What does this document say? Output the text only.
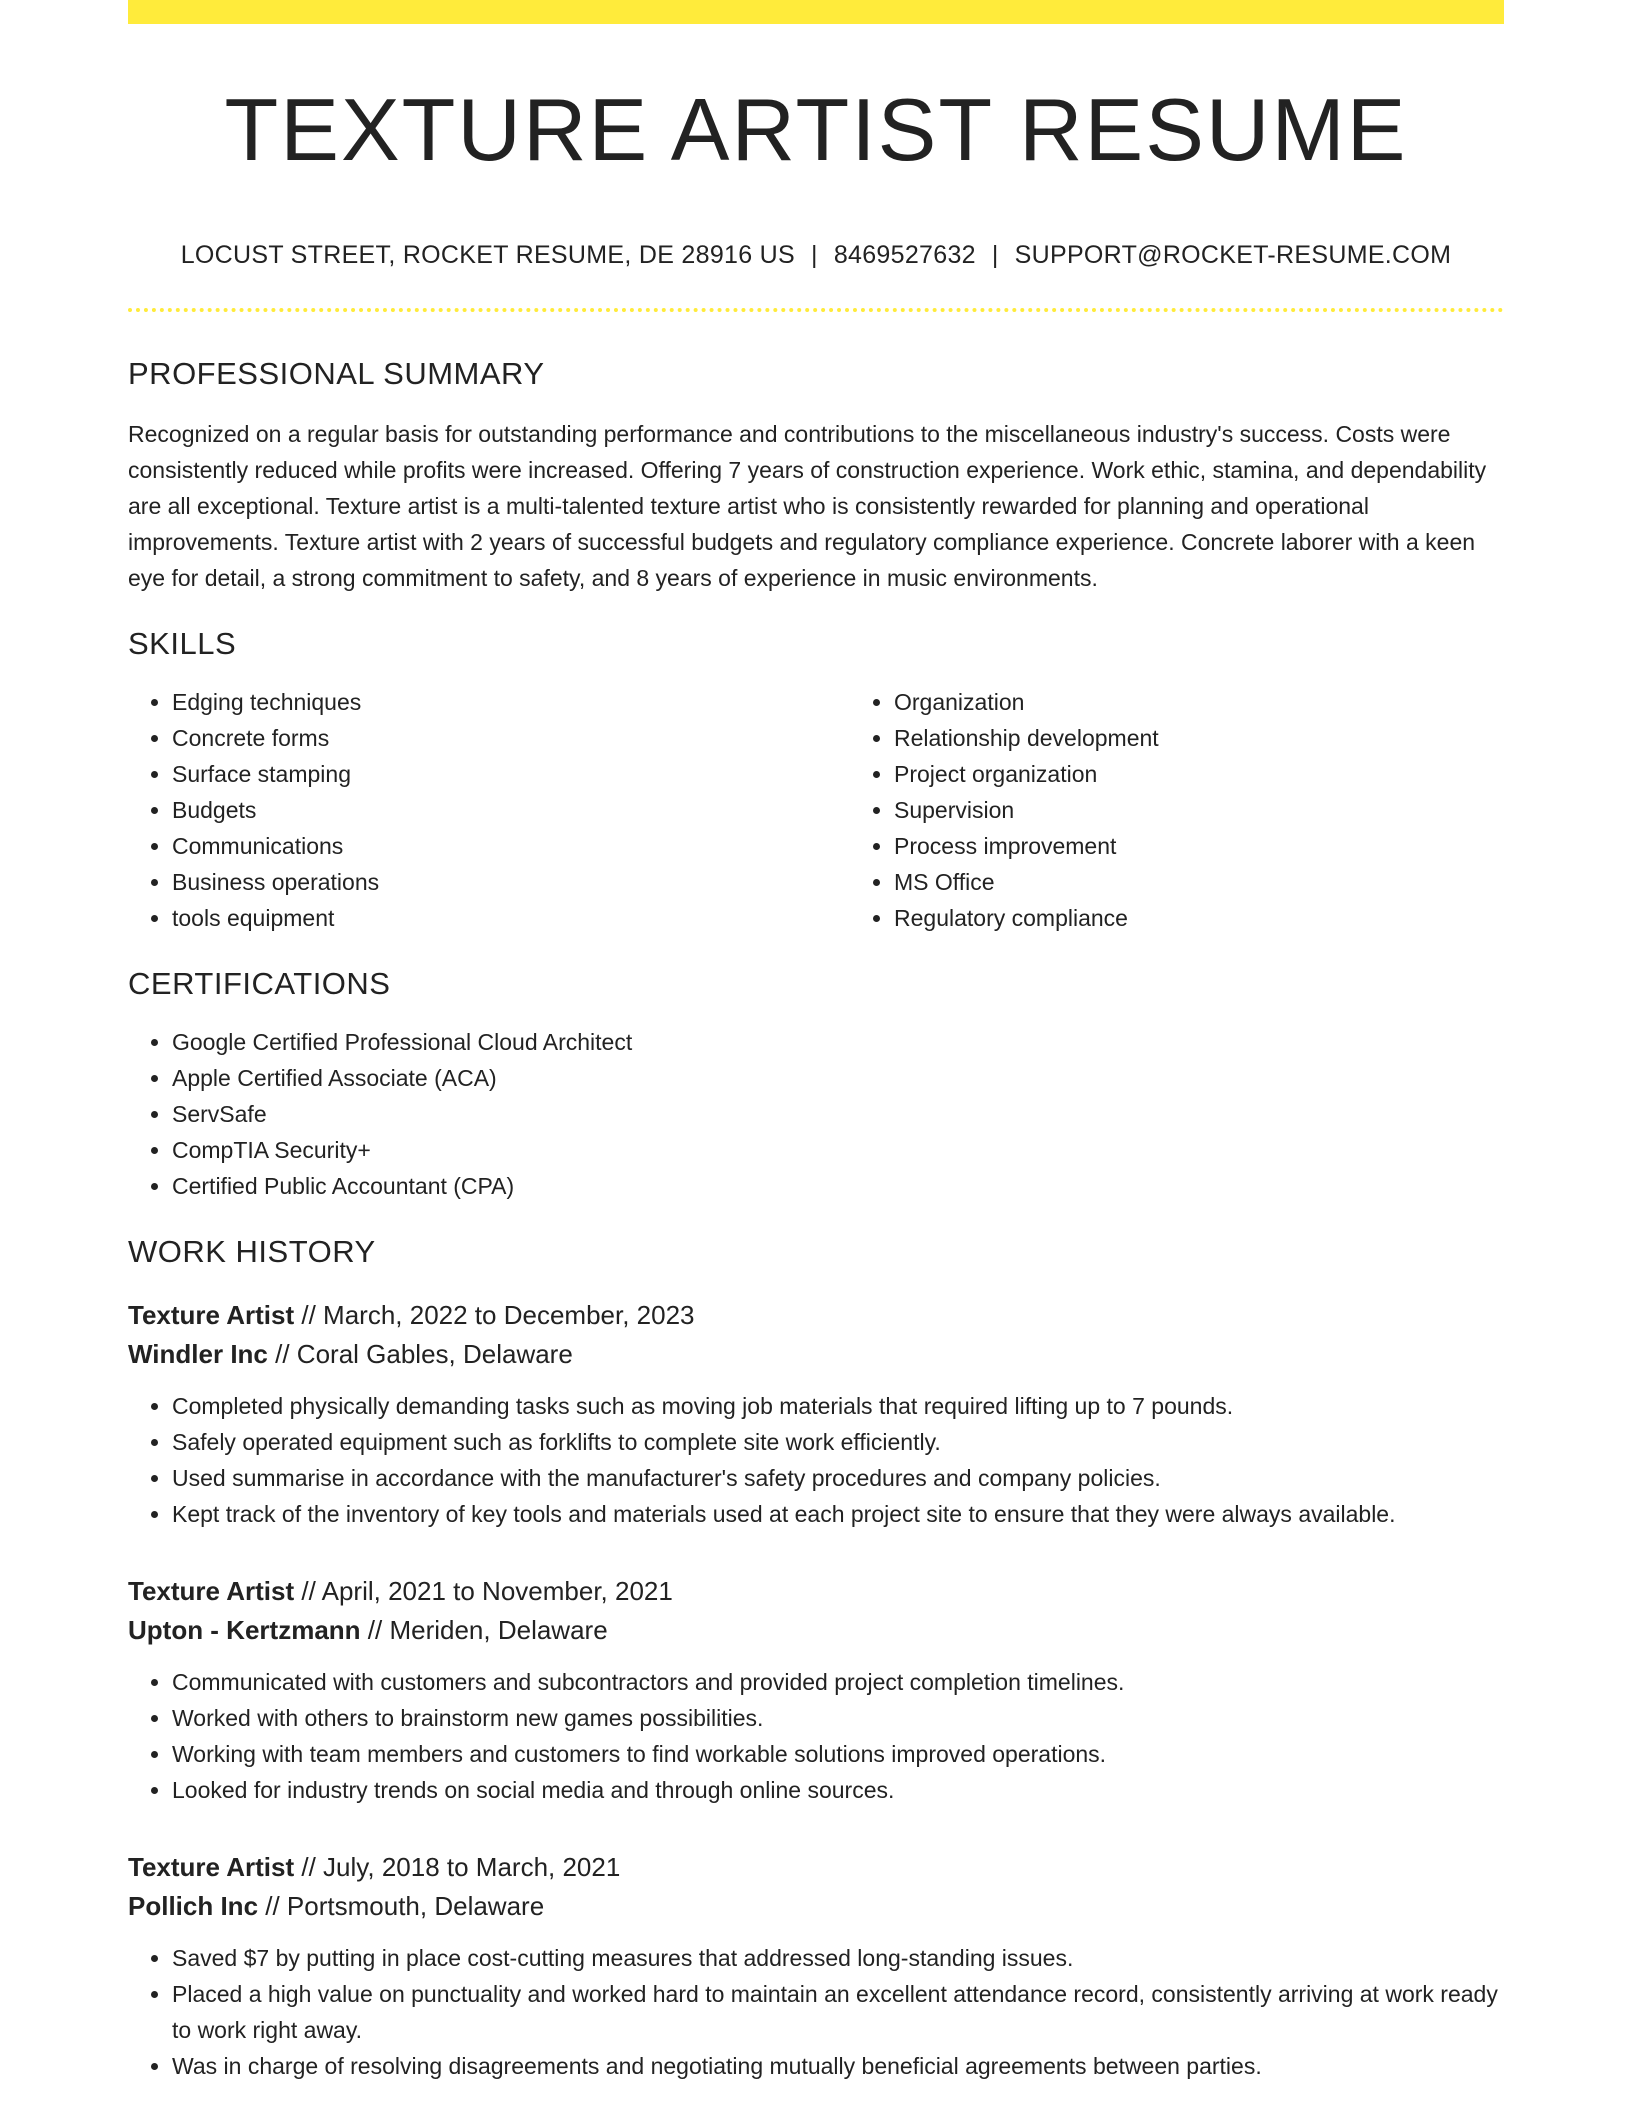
TEXTURE ARTIST RESUME
LOCUST STREET, ROCKET RESUME, DE 28916 US | 8469527632 | SUPPORT@ROCKET-RESUME.COM
PROFESSIONAL SUMMARY
Recognized on a regular basis for outstanding performance and contributions to the miscellaneous industry's success. Costs were consistently reduced while profits were increased. Offering 7 years of construction experience. Work ethic, stamina, and dependability are all exceptional. Texture artist is a multi-talented texture artist who is consistently rewarded for planning and operational improvements. Texture artist with 2 years of successful budgets and regulatory compliance experience. Concrete laborer with a keen eye for detail, a strong commitment to safety, and 8 years of experience in music environments.
SKILLS
• Edging techniques
• Concrete forms
• Surface stamping
• Budgets
• Communications
• Business operations
• tools equipment
• Organization
• Relationship development
• Project organization
• Supervision
• Process improvement
• MS Office
• Regulatory compliance
CERTIFICATIONS
• Google Certified Professional Cloud Architect
• Apple Certified Associate (ACA)
• ServSafe
• CompTIA Security+
• Certified Public Accountant (CPA)
WORK HISTORY
Texture Artist // March, 2022 to December, 2023
Windler Inc // Coral Gables, Delaware
• Completed physically demanding tasks such as moving job materials that required lifting up to 7 pounds.
• Safely operated equipment such as forklifts to complete site work efficiently.
• Used summarise in accordance with the manufacturer's safety procedures and company policies.
• Kept track of the inventory of key tools and materials used at each project site to ensure that they were always available.
Texture Artist // April, 2021 to November, 2021
Upton - Kertzmann // Meriden, Delaware
• Communicated with customers and subcontractors and provided project completion timelines.
• Worked with others to brainstorm new games possibilities.
• Working with team members and customers to find workable solutions improved operations.
• Looked for industry trends on social media and through online sources.
Texture Artist // July, 2018 to March, 2021
Pollich Inc // Portsmouth, Delaware
• Saved $7 by putting in place cost-cutting measures that addressed long-standing issues.
• Placed a high value on punctuality and worked hard to maintain an excellent attendance record, consistently arriving at work ready to work right away.
• Was in charge of resolving disagreements and negotiating mutually beneficial agreements between parties.
